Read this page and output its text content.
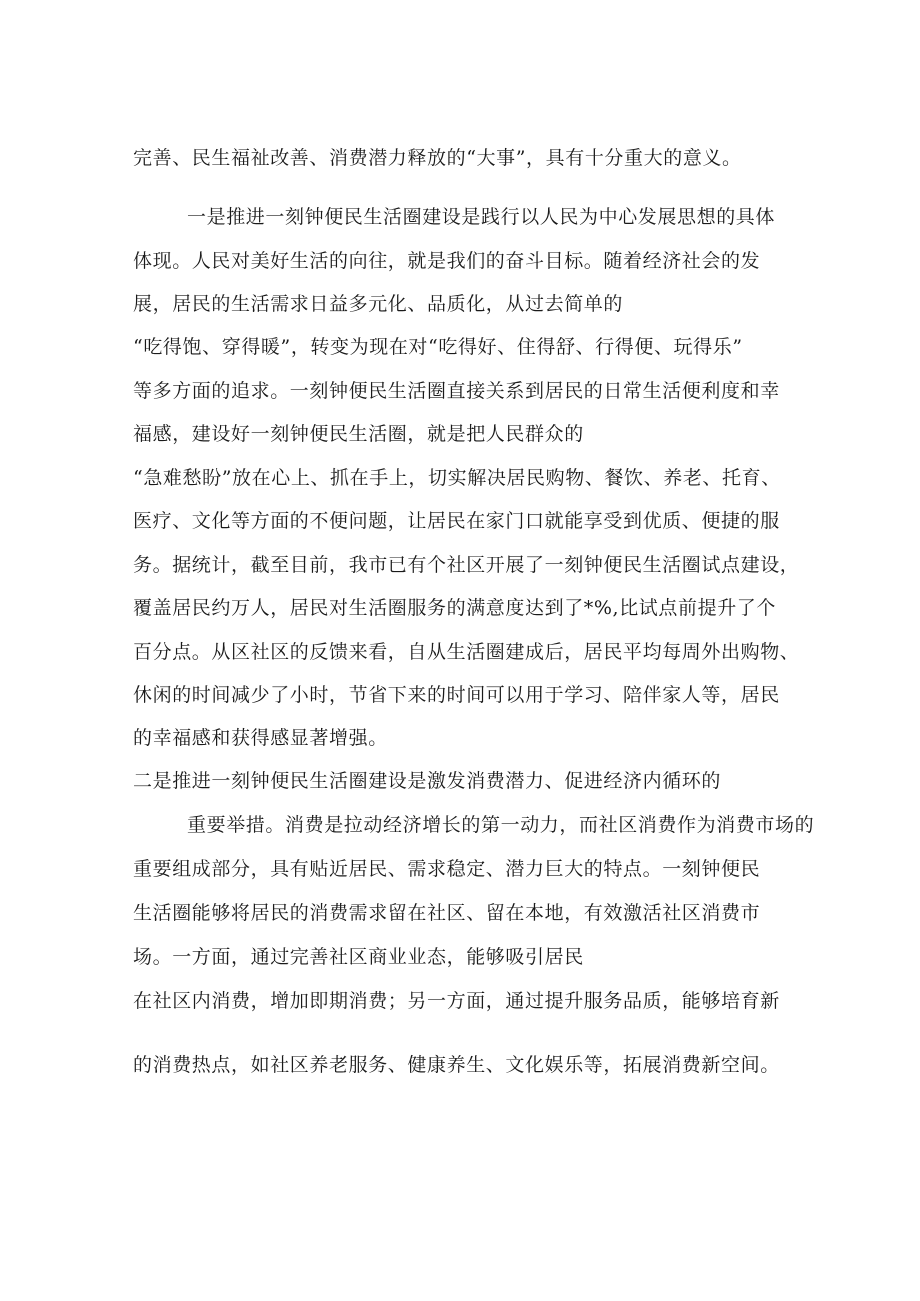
完善、民生福祉改善、消费潜力释放的“大事”，具有十分重大的意义。
一是推进一刻钟便民生活圈建设是践行以人民为中心发展思想的具体
体现。人民对美好生活的向往，就是我们的奋斗目标。随着经济社会的发
展，居民的生活需求日益多元化、品质化，从过去简单的
“吃得饱、穿得暖”，转变为现在对“吃得好、住得舒、行得便、玩得乐”
等多方面的追求。一刻钟便民生活圈直接关系到居民的日常生活便利度和幸
福感，建设好一刻钟便民生活圈，就是把人民群众的
“急难愁盼”放在心上、抓在手上，切实解决居民购物、餐饮、养老、托育、
医疗、文化等方面的不便问题，让居民在家门口就能享受到优质、便捷的服
务。据统计，截至目前，我市已有个社区开展了一刻钟便民生活圈试点建设，
覆盖居民约万人，居民对生活圈服务的满意度达到了*%,比试点前提升了个
百分点。从区社区的反馈来看，自从生活圈建成后，居民平均每周外出购物、
休闲的时间减少了小时，节省下来的时间可以用于学习、陪伴家人等，居民
的幸福感和获得感显著增强。
二是推进一刻钟便民生活圈建设是激发消费潜力、促进经济内循环的
重要举措。消费是拉动经济增长的第一动力，而社区消费作为消费市场的
重要组成部分，具有贴近居民、需求稳定、潜力巨大的特点。一刻钟便民
生活圈能够将居民的消费需求留在社区、留在本地，有效激活社区消费市
场。一方面，通过完善社区商业业态，能够吸引居民
在社区内消费，增加即期消费；另一方面，通过提升服务品质，能够培育新
的消费热点，如社区养老服务、健康养生、文化娱乐等，拓展消费新空间。
